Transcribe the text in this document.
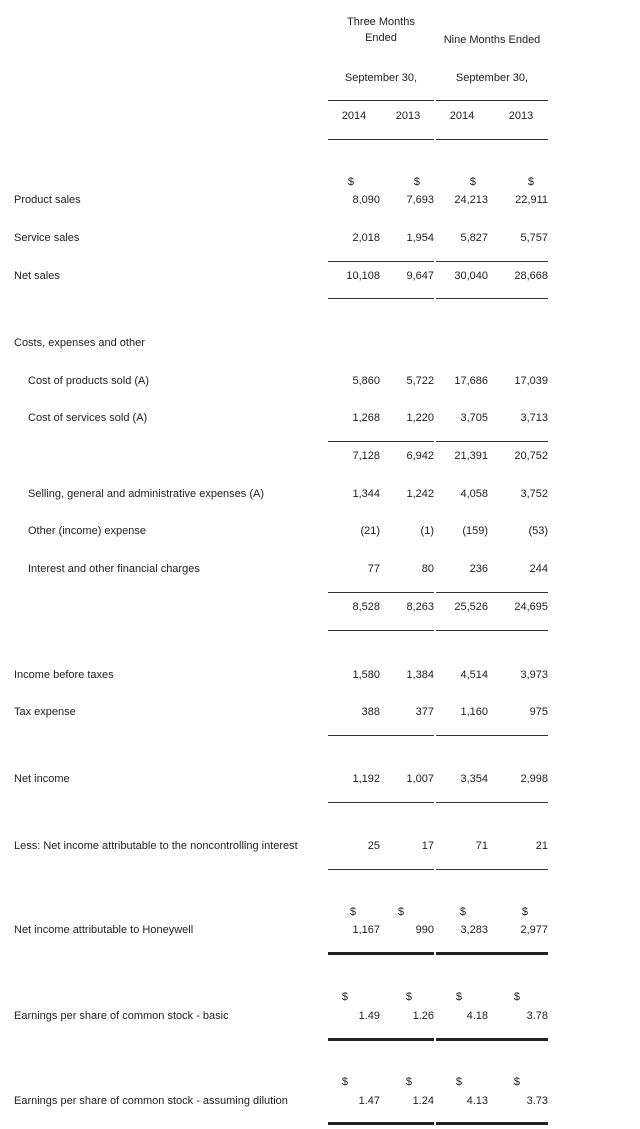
Three Months
Ended	Nine Months Ended
September 30,	September 30,
2014	2013	2014	2013
$	$	$	$
Product sales	8,090	7,693	24,213	22,911
Service sales	2,018	1,954	5,827	5,757
Net sales	10,108	9,647	30,040	28,668
Costs, expenses and other
Cost of products sold (A)	5,860	5,722	17,686	17,039
Cost of services sold (A)	1,268	1,220	3,705	3,713
7,128	6,942	21,391	20,752
Selling, general and administrative expenses (A)	1,344	1,242	4,058	3,752
Other (income) expense	(21)	(1)	(159)	(53)
Interest and other financial charges	77	80	236	244
8,528	8,263	25,526	24,695
Income before taxes	1,580	1,384	4,514	3,973
Tax expense	388	377	1,160	975
Net income	1,192	1,007	3,354	2,998
Less: Net income attributable to the noncontrolling interest	25	17	71	21
$	$	$	$
Net income attributable to Honeywell	1,167	990	3,283	2,977
$	$	$	$
Earnings per share of common stock - basic	1.49	1.26	4.18	3.78
$	$	$	$
Earnings per share of common stock - assuming dilution	1.47	1.24	4.13	3.73
